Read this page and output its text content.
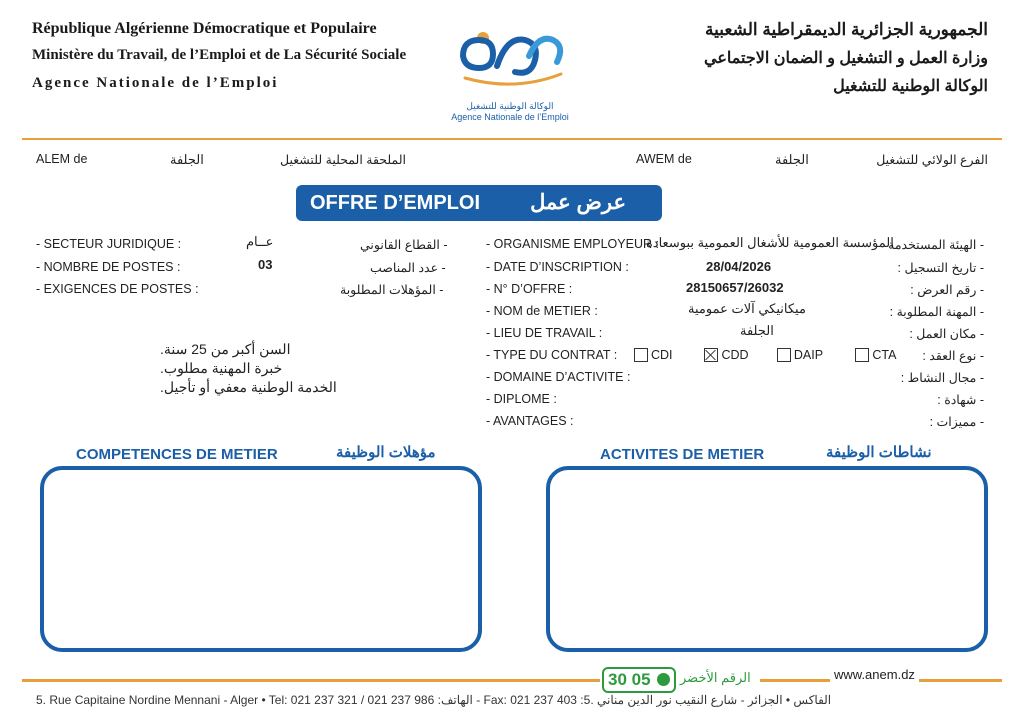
République Algérienne Démocratique et Populaire
Ministère du Travail, de l’Emploi et de La Sécurité Sociale
Agence Nationale de l’Emploi
الوكالة الوطنية للتشغيل
Agence Nationale de l’Emploi
الجمهورية الجزائرية الديمقراطية الشعبية
وزارة العمل و التشغيل و الضمان الاجتماعي
الوكالة الوطنية للتشغيل
ALEM de	الجلفة	الملحقة المحلية للتشغيل	AWEM de	الجلفة	الفرع الولائي للتشغيل
OFFRE D’EMPLOI عرض عمل
- SECTEUR JURIDIQUE :	عــام	- القطاع القانوني
- NOMBRE DE POSTES :	03	- عدد المناصب
- EXIGENCES DE POSTES :	- المؤهلات المطلوبة
السن أكبر من 25 سنة.
خبرة المهنية مطلوب.
الخدمة الوطنية معفي أو تأجيل.
- ORGANISME EMPLOYEUR :
المؤسسة العمومية للأشغال العمومية ببوسعادة
- الهيئة المستخدمة
- DATE D’INSCRIPTION :	28/04/2026	- تاريخ التسجيل :
- N° D’OFFRE :	28150657/26032	- رقم العرض :
- NOM de METIER :	ميكانيكي آلات عمومية	- المهنة المطلوبة :
- LIEU DE TRAVAIL :	الجلفة	- مكان العمل :
- TYPE DU CONTRAT :	CDI	CDD	DAIP	CTA	- نوع العقد :
- DOMAINE D’ACTIVITE :	- مجال النشاط :
- DIPLOME :	- شهادة :
- AVANTAGES :	- مميزات :
COMPETENCES DE METIER	مؤهلات الوظيفة	ACTIVITES DE METIER	نشاطات الوظيفة
30 05 الرقم الأخضر	www.anem.dz
5. Rue Capitaine Nordine Mennani - Alger • Tel: 021 237 321 / 021 237 986 :الهاتف - Fax: 021 237 403 :الفاكس • الجزائر - شارع النقيب نور الدين مناني .5
